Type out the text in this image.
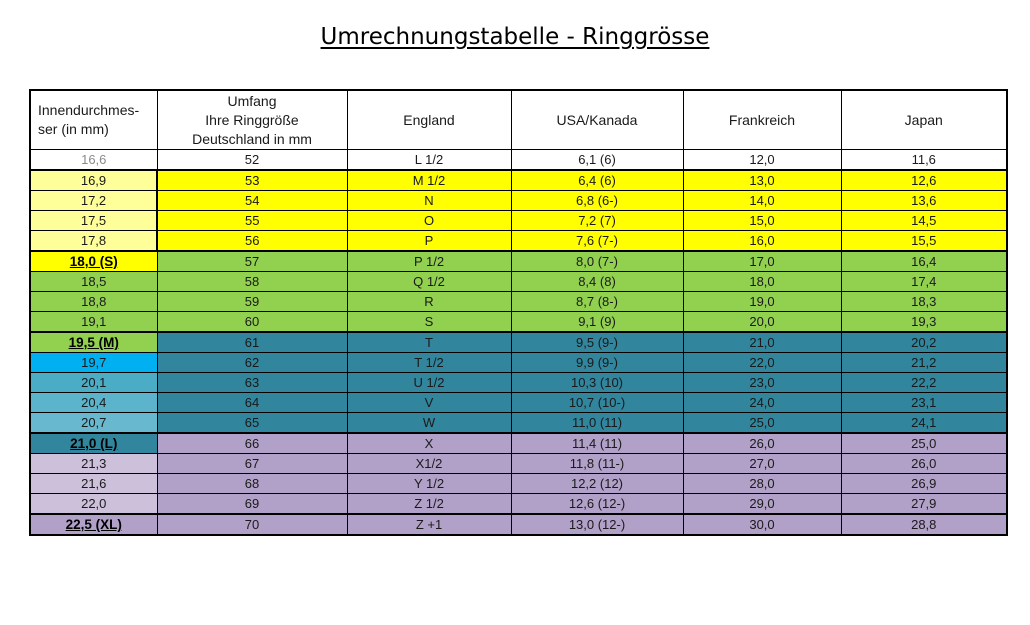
Umrechnungstabelle - Ringgrösse
Innendurchmes-
ser (in mm)	Umfang
Ihre Ringgröße
Deutschland in mm	England	USA/Kanada	Frankreich	Japan
16,6	52	L 1/2	6,1 (6)	12,0	11,6
16,9	53	M 1/2	6,4 (6)	13,0	12,6
17,2	54	N	6,8 (6-)	14,0	13,6
17,5	55	O	7,2 (7)	15,0	14,5
17,8	56	P	7,6 (7-)	16,0	15,5
18,0 (S)	57	P 1/2	8,0 (7-)	17,0	16,4
18,5	58	Q 1/2	8,4 (8)	18,0	17,4
18,8	59	R	8,7 (8-)	19,0	18,3
19,1	60	S	9,1 (9)	20,0	19,3
19,5 (M)	61	T	9,5 (9-)	21,0	20,2
19,7	62	T 1/2	9,9 (9-)	22,0	21,2
20,1	63	U 1/2	10,3 (10)	23,0	22,2
20,4	64	V	10,7 (10-)	24,0	23,1
20,7	65	W	11,0 (11)	25,0	24,1
21,0 (L)	66	X	11,4 (11)	26,0	25,0
21,3	67	X1/2	11,8 (11-)	27,0	26,0
21,6	68	Y 1/2	12,2 (12)	28,0	26,9
22,0	69	Z 1/2	12,6 (12-)	29,0	27,9
22,5 (XL)	70	Z +1	13,0 (12-)	30,0	28,8
